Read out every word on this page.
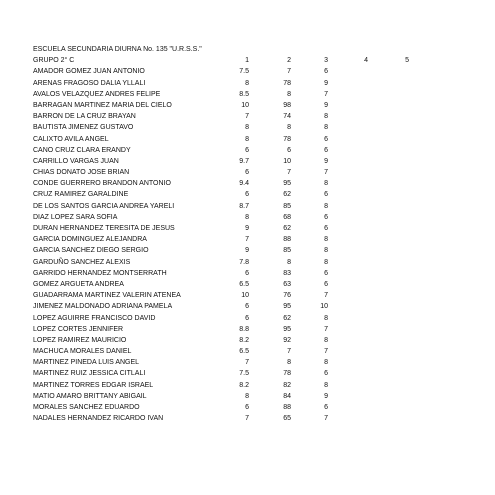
ESCUELA SECUNDARIA DIURNA No. 135 "U.R.S.S."
GRUPO 2° C	1	2	3	4	5
AMADOR GOMEZ JUAN ANTONIO	7.5	7	6
ARENAS FRAGOSO DALIA YLLALI	8	78	9
AVALOS VELAZQUEZ ANDRES FELIPE	8.5	8	7
BARRAGAN MARTINEZ MARIA DEL CIELO	10	98	9
BARRON DE LA CRUZ BRAYAN	7	74	8
BAUTISTA JIMENEZ GUSTAVO	8	8	8
CALIXTO AVILA ANGEL	8	78	6
CANO CRUZ CLARA ERANDY	6	6	6
CARRILLO VARGAS JUAN	9.7	10	9
CHIAS DONATO JOSE BRIAN	6	7	7
CONDE GUERRERO BRANDON ANTONIO	9.4	95	8
CRUZ RAMIREZ GARALDINE	6	62	6
DE LOS SANTOS GARCIA ANDREA YARELI	8.7	85	8
DIAZ LOPEZ SARA SOFIA	8	68	6
DURAN HERNANDEZ TERESITA DE JESUS	9	62	6
GARCIA DOMINGUEZ ALEJANDRA	7	88	8
GARCIA SANCHEZ DIEGO SERGIO	9	85	8
GARDUÑO SANCHEZ ALEXIS	7.8	8	8
GARRIDO HERNANDEZ MONTSERRATH	6	83	6
GOMEZ ARGUETA ANDREA	6.5	63	6
GUADARRAMA MARTINEZ VALERIN ATENEA	10	76	7
JIMENEZ MALDONADO ADRIANA PAMELA	6	95	10
LOPEZ AGUIRRE FRANCISCO DAVID	6	62	8
LOPEZ CORTES JENNIFER	8.8	95	7
LOPEZ RAMIREZ MAURICIO	8.2	92	8
MACHUCA MORALES DANIEL	6.5	7	7
MARTINEZ PINEDA LUIS ANGEL	7	8	8
MARTINEZ RUIZ JESSICA CITLALI	7.5	78	6
MARTINEZ TORRES EDGAR ISRAEL	8.2	82	8
MATIO AMARO BRITTANY ABIGAIL	8	84	9
MORALES SANCHEZ EDUARDO	6	88	6
NADALES HERNANDEZ RICARDO IVAN	7	65	7
